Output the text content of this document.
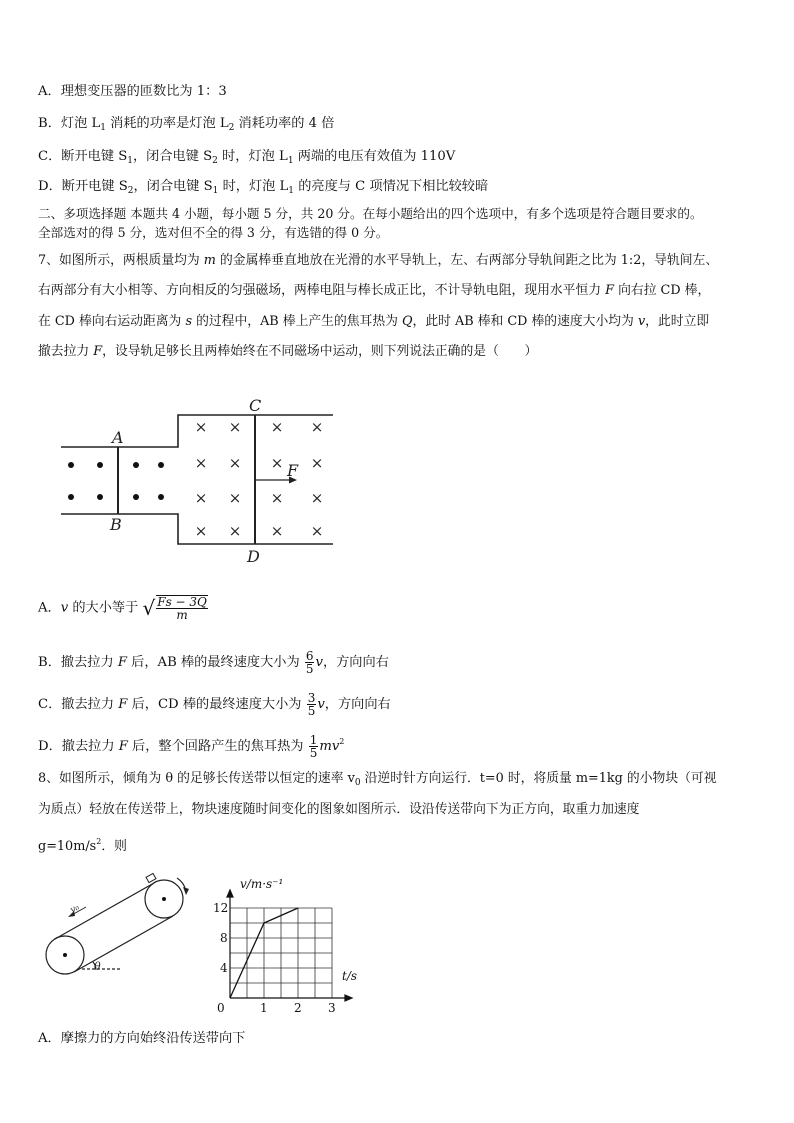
A．理想变压器的匝数比为 1：3
B．灯泡 $L_1$ 消耗的功率是灯泡 $L_2$ 消耗功率的 4 倍
C．断开电键 $S_1$，闭合电键 $S_2$ 时，灯泡 $L_1$ 两端的电压有效值为 110V
D．断开电键 $S_2$，闭合电键 $S_1$ 时，灯泡 $L_1$ 的亮度与 C 项情况下相比较较暗
二、多项选择题 本题共 4 小题，每小题 5 分，共 20 分。在每小题给出的四个选项中，有多个选项是符合题目要求的。
全部选对的得 5 分，选对但不全的得 3 分，有选错的得 0 分。
7、如图所示，两根质量均为 m 的金属棒垂直地放在光滑的水平导轨上，左、右两部分导轨间距之比为 1:2，导轨间左、
右两部分有大小相等、方向相反的匀强磁场，两棒电阻与棒长成正比，不计导轨电阻，现用水平恒力 F 向右拉 CD 棒，
在 CD 棒向右运动距离为 s 的过程中，AB 棒上产生的焦耳热为 Q，此时 AB 棒和 CD 棒的速度大小均为 v，此时立即
撤去拉力 F，设导轨足够长且两棒始终在不同磁场中运动，则下列说法正确的是（　　）
× × × ×
× × × ×
× × × ×
× × × ×
A
B
C
D
F
A．v 的大小等于 √ $\frac{Fs - 3Q}{m}$
B．撤去拉力 F 后，AB 棒的最终速度大小为 $\frac{6}{5}$ v，方向向右
C．撤去拉力 F 后，CD 棒的最终速度大小为 $\frac{3}{5}$ v，方向向右
D．撤去拉力 F 后，整个回路产生的焦耳热为 $\frac{1}{5} mv^2$
8、如图所示，倾角为 θ 的足够长传送带以恒定的速率 $v_0$ 沿逆时针方向运行．t=0 时，将质量 m=1kg 的小物块（可视
为质点）轻放在传送带上，物块速度随时间变化的图象如图所示．设沿传送带向下为正方向，取重力加速度
$g=10m/s^2$．则
v₀
θ
0	1 2 3
4
8
12
v/m·s⁻¹
t/s
A．摩擦力的方向始终沿传送带向下
